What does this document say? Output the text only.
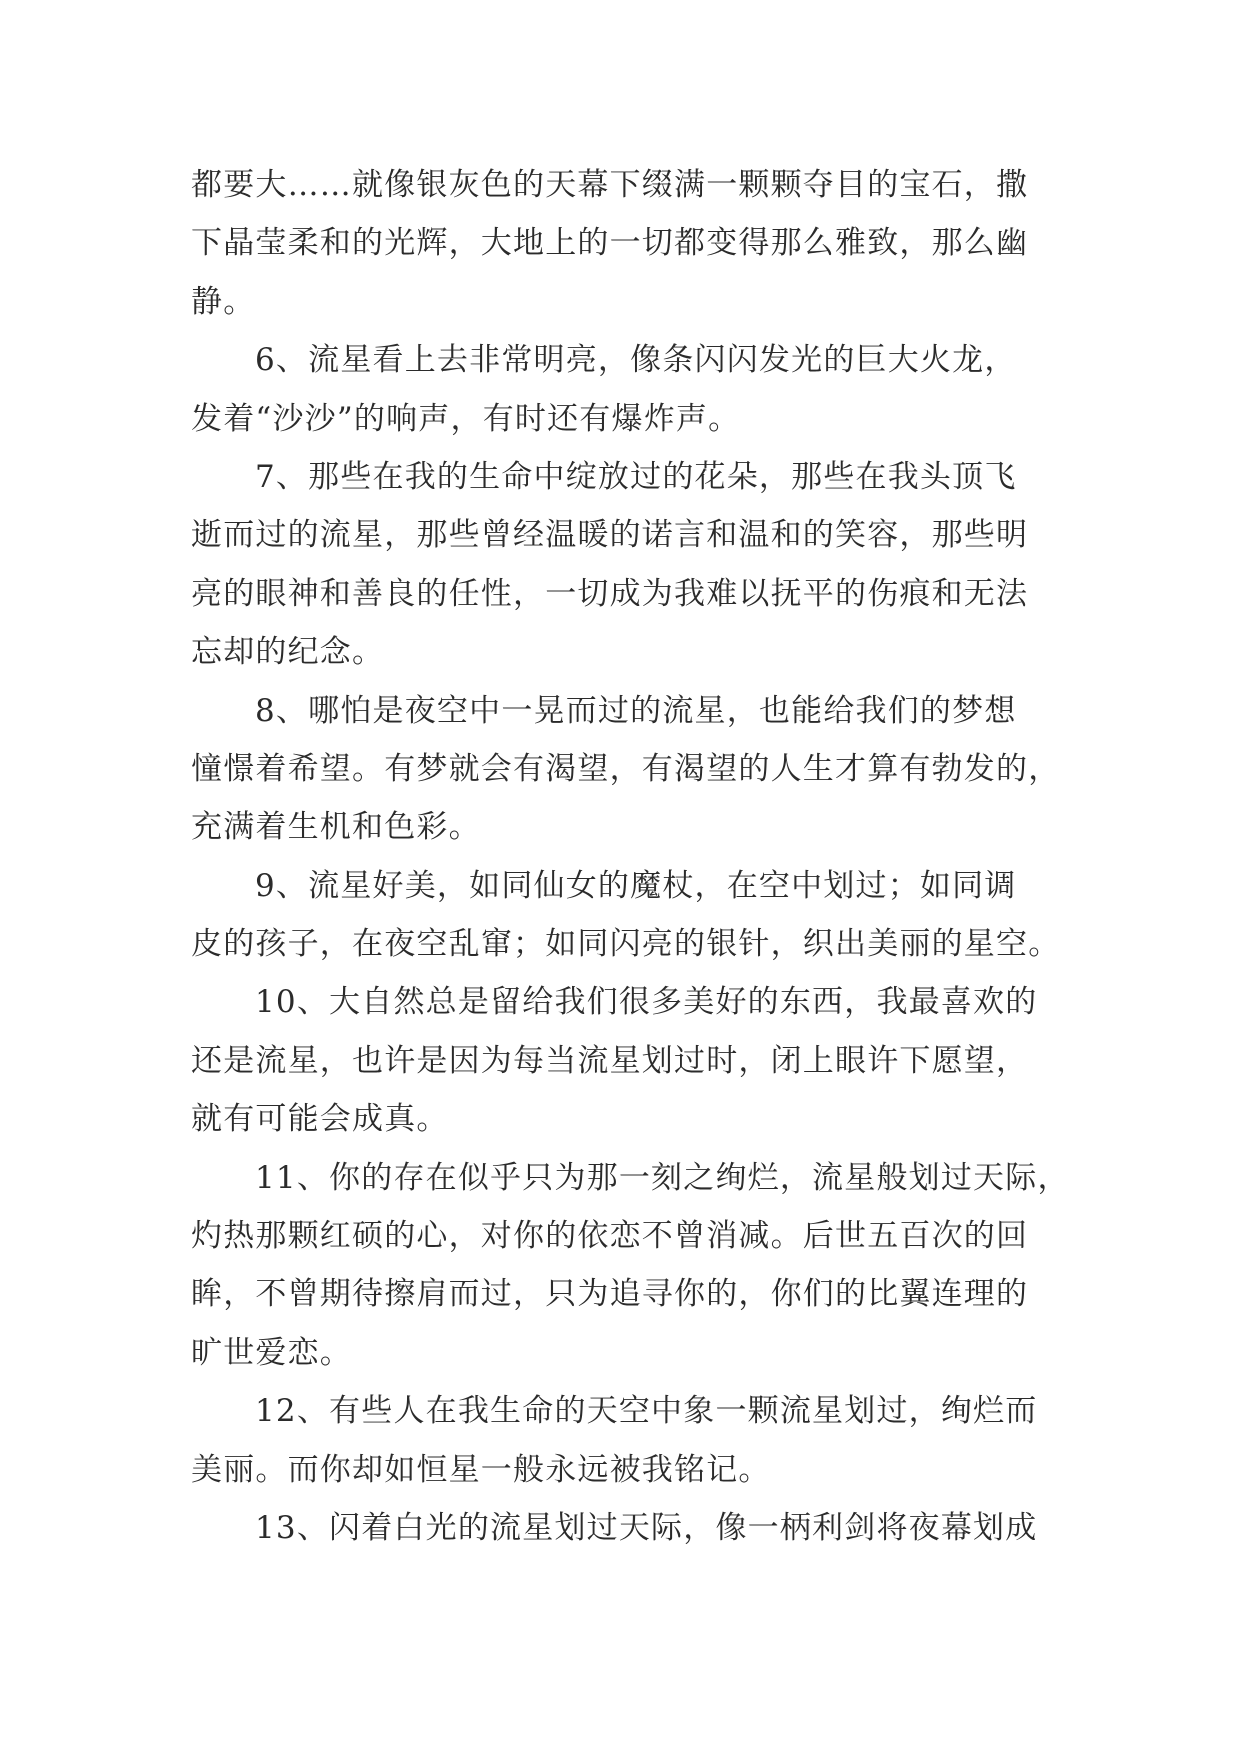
都要大……就像银灰色的天幕下缀满一颗颗夺目的宝石，撒
下晶莹柔和的光辉，大地上的一切都变得那么雅致，那么幽
静。
6、流星看上去非常明亮，像条闪闪发光的巨大火龙，
发着“沙沙”的响声，有时还有爆炸声。
7、那些在我的生命中绽放过的花朵，那些在我头顶飞
逝而过的流星，那些曾经温暖的诺言和温和的笑容，那些明
亮的眼神和善良的任性，一切成为我难以抚平的伤痕和无法
忘却的纪念。
8、哪怕是夜空中一晃而过的流星，也能给我们的梦想
憧憬着希望。有梦就会有渴望，有渴望的人生才算有勃发的，
充满着生机和色彩。
9、流星好美，如同仙女的魔杖，在空中划过；如同调
皮的孩子，在夜空乱窜；如同闪亮的银针，织出美丽的星空。
10、大自然总是留给我们很多美好的东西，我最喜欢的
还是流星，也许是因为每当流星划过时，闭上眼许下愿望，
就有可能会成真。
11、你的存在似乎只为那一刻之绚烂，流星般划过天际，
灼热那颗红硕的心，对你的依恋不曾消减。后世五百次的回
眸，不曾期待擦肩而过，只为追寻你的，你们的比翼连理的
旷世爱恋。
12、有些人在我生命的天空中象一颗流星划过，绚烂而
美丽。而你却如恒星一般永远被我铭记。
13、闪着白光的流星划过天际，像一柄利剑将夜幕划成
